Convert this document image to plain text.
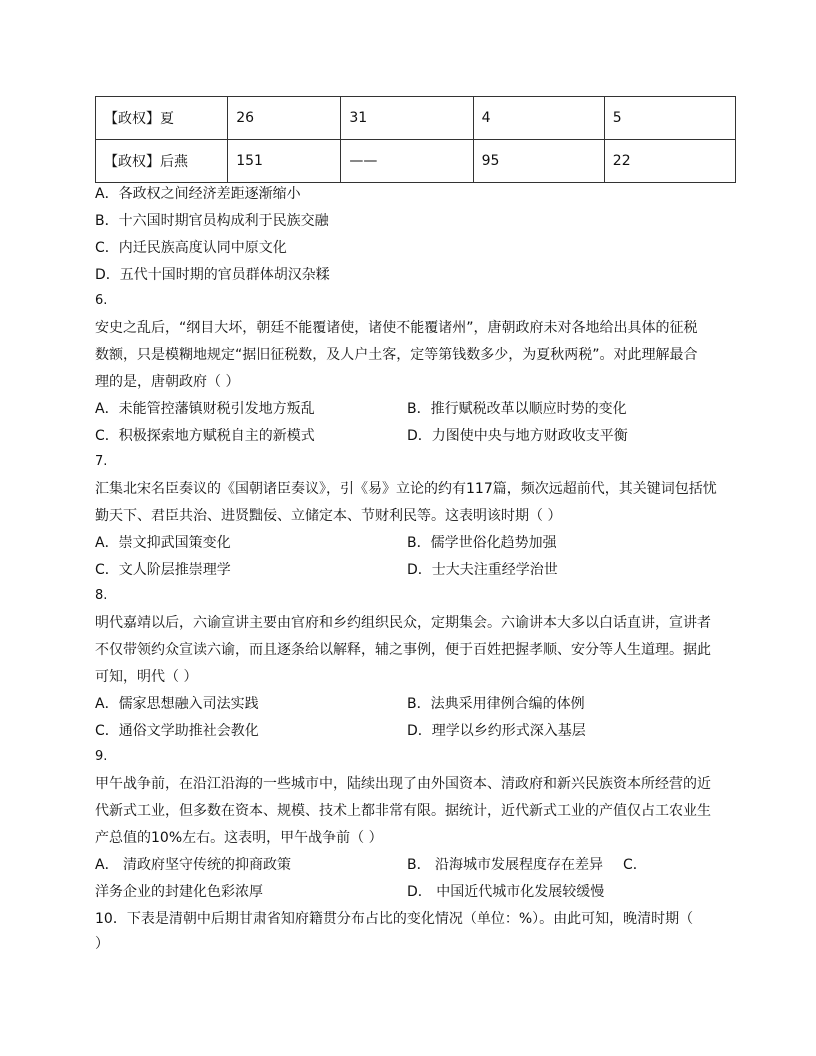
【政权】夏	26	31	4	5
【政权】后燕	151	——	95	22
A．各政权之间经济差距逐渐缩小
B．十六国时期官员构成利于民族交融
C．内迁民族高度认同中原文化
D．五代十国时期的官员群体胡汉杂糅
6.
安史之乱后，“纲目大坏，朝廷不能覆诸使，诸使不能覆诸州”，唐朝政府未对各地给出具体的征税
数额，只是模糊地规定“据旧征税数，及人户土客，定等第钱数多少，为夏秋两税”。对此理解最合
理的是，唐朝政府（ ）
A．未能管控藩镇财税引发地方叛乱	B．推行赋税改革以顺应时势的变化
C．积极探索地方赋税自主的新模式	D．力图使中央与地方财政收支平衡
7.
汇集北宋名臣奏议的《国朝诸臣奏议》，引《易》立论的约有117篇，频次远超前代，其关键词包括忧
勤天下、君臣共治、进贤黜佞、立储定本、节财利民等。这表明该时期（ ）
A．崇文抑武国策变化	B．儒学世俗化趋势加强
C．文人阶层推崇理学	D．士大夫注重经学治世
8.
明代嘉靖以后，六谕宣讲主要由官府和乡约组织民众，定期集会。六谕讲本大多以白话直讲，宣讲者
不仅带领约众宣读六谕，而且逐条给以解释，辅之事例，便于百姓把握孝顺、安分等人生道理。据此
可知，明代（ ）
A．儒家思想融入司法实践	B．法典采用律例合编的体例
C．通俗文学助推社会教化	D．理学以乡约形式深入基层
9.
甲午战争前，在沿江沿海的一些城市中，陆续出现了由外国资本、清政府和新兴民族资本所经营的近
代新式工业，但多数在资本、规模、技术上都非常有限。据统计，近代新式工业的产值仅占工农业生
产总值的10%左右。这表明，甲午战争前（ ）
A． 清政府坚守传统的抑商政策	B． 沿海城市发展程度存在差异 C．
洋务企业的封建化色彩浓厚	D． 中国近代城市化发展较缓慢
10．下表是清朝中后期甘肃省知府籍贯分布占比的变化情况（单位：%）。由此可知，晚清时期（
）
